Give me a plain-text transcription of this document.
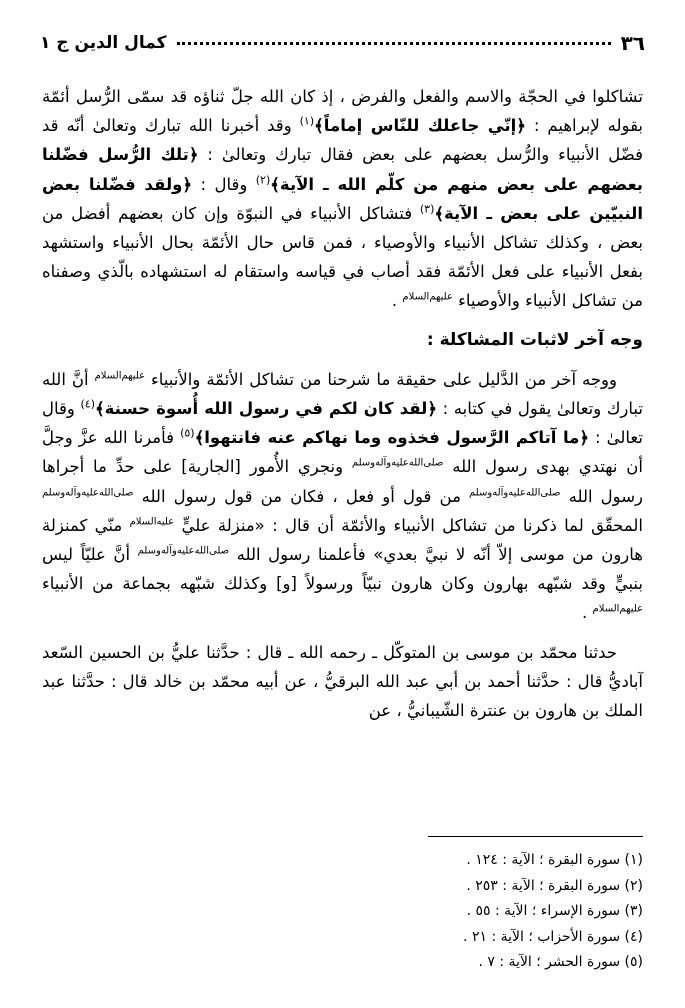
٣٦
كمال الدين ج ١

تشاكلوا في الحجّة والاسم والفعل والفرض ، إذ كان الله جلّ ثناؤه قد سمّى الرُّسل أئمّة بقوله لإبراهيم : ﴿إنّي جاعلك للنّاس إماماً﴾$^{(١)}$ وقد أخبرنا الله تبارك وتعالىٰ أنّه قد فضّل الأنبياء والرُّسل بعضهم على بعض فقال تبارك وتعالىٰ : ﴿تلك الرُّسل فضّلنا بعضهم على بعض منهم من كلّم الله ـ الآية﴾$^{(٢)}$ وقال : ﴿ولقد فضّلنا بعض النبيّين على بعض ـ الآية﴾$^{(٣)}$ فتشاكل الأنبياء في النبوّة وإن كان بعضهم أفضل من بعض ، وكذلك تشاكل الأنبياء والأوصياء ، فمن قاس حال الأئمّة بحال الأنبياء واستشهد بفعل الأنبياء على فعل الأئمّة فقد أصاب في قياسه واستقام له استشهاده بالّذي وصفناه من تشاكل الأنبياء والأوصياء $^{عليهم‌السلام}$ .

وجه آخر لاثبات المشاكلة :

ووجه آخر من الدَّليل على حقيقة ما شرحنا من تشاكل الأئمّة والأنبياء $^{عليهم‌السلام}$ أنَّ الله تبارك وتعالىٰ يقول في كتابه : ﴿لقد كان لكم في رسول الله أُسوة حسنة﴾$^{(٤)}$ وقال تعالىٰ : ﴿ما آتاكم الرَّسول فخذوه وما نهاكم عنه فانتهوا﴾$^{(٥)}$ فأمرنا الله عزَّ وجلَّ أن نهتدي بهدى رسول الله $^{صلى‌الله‌عليه‌وآله‌وسلم}$ ونجري الأُمور [الجارية] على حدِّ ما أجراها رسول الله $^{صلى‌الله‌عليه‌وآله‌وسلم}$ من قول أو فعل ، فكان من قول رسول الله $^{صلى‌الله‌عليه‌وآله‌وسلم}$ المحقّق لما ذكرنا من تشاكل الأنبياء والأئمّة أن قال : «منزلة عليٍّ $^{عليه‌السلام}$ منّي كمنزلة هارون من موسى إلاّ أنّه لا نبيَّ بعدي» فأعلمنا رسول الله $^{صلى‌الله‌عليه‌وآله‌وسلم}$ أنَّ عليّاً ليس بنبيٍّ وقد شبّهه بهارون وكان هارون نبيّاً ورسولاً [و] وكذلك شبّهه بجماعة من الأنبياء $^{عليهم‌السلام}$ .

حدثنا محمّد بن موسى بن المتوكّل ـ رحمه الله ـ قال : حدَّثنا عليُّ بن الحسين السّعد آباديُّ قال : حدَّثنا أحمد بن أبي عبد الله البرقيُّ ، عن أبيه محمّد بن خالد قال : حدَّثنا عبد الملك بن هارون بن عنترة الشّيبانيُّ ، عن

(١) سورة البقرة ؛ الآية : ١٢٤ .
(٢) سورة البقرة ؛ الآية : ٢٥٣ .
(٣) سورة الإسراء ؛ الآية : ٥٥ .
(٤) سورة الأحزاب ؛ الآية : ٢١ .
(٥) سورة الحشر ؛ الآية : ٧ .
